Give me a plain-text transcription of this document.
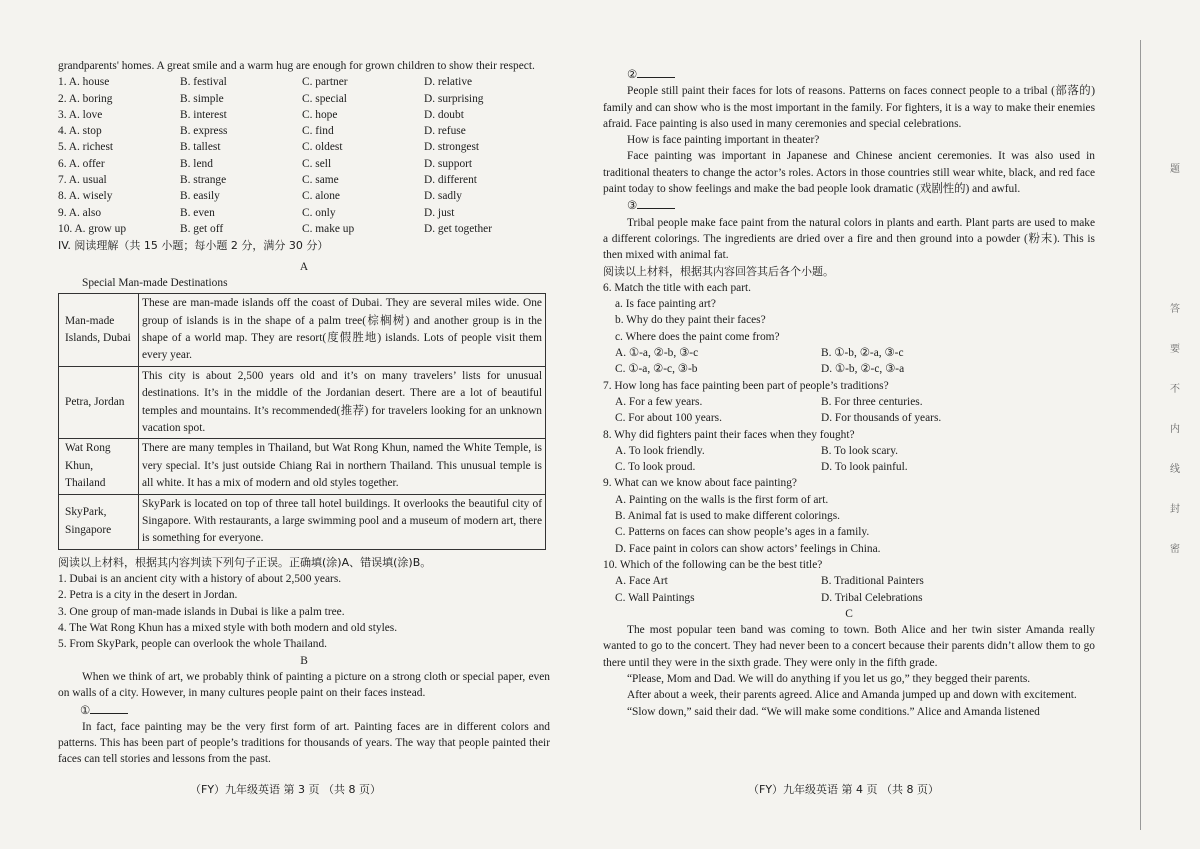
grandparents' homes. A great smile and a warm hug are enough for grown children to show their respect.

1. A. house	B. festival	C. partner	D. relative
2. A. boring	B. simple	C. special	D. surprising
3. A. love	B. interest	C. hope	D. doubt
4. A. stop	B. express	C. find	D. refuse
5. A. richest	B. tallest	C. oldest	D. strongest
6. A. offer	B. lend	C. sell	D. support
7. A. usual	B. strange	C. same	D. different
8. A. wisely	B. easily	C. alone	D. sadly
9. A. also	B. even	C. only	D. just
10. A. grow up	B. get off	C. make up	D. get together

IV. 阅读理解（共 15 小题；每小题 2 分，满分 30 分）

A

Special Man-made Destinations

Man-made Islands, Dubai	These are man-made islands off the coast of Dubai. They are several miles wide. One group of islands is in the shape of a palm tree(棕榈树) and another group is in the shape of a world map. They are resort(度假胜地) islands. Lots of people visit them every year.
Petra, Jordan	This city is about 2,500 years old and it’s on many travelers’ lists for unusual destinations. It’s in the middle of the Jordanian desert. There are a lot of beautiful temples and mountains. It’s recommended(推荐) for travelers looking for an unknown vacation spot.
Wat Rong Khun, Thailand	There are many temples in Thailand, but Wat Rong Khun, named the White Temple, is very special. It’s just outside Chiang Rai in northern Thailand. This unusual temple is all white. It has a mix of modern and old styles together.
SkyPark, Singapore	SkyPark is located on top of three tall hotel buildings. It overlooks the beautiful city of Singapore. With restaurants, a large swimming pool and a museum of modern art, there is something for everyone.

阅读以上材料，根据其内容判读下列句子正误。正确填(涂)A、错误填(涂)B。

1. Dubai is an ancient city with a history of about 2,500 years.

2. Petra is a city in the desert in Jordan.

3. One group of man-made islands in Dubai is like a palm tree.

4. The Wat Rong Khun has a mixed style with both modern and old styles.

5. From SkyPark, people can overlook the whole Thailand.

B

When we think of art, we probably think of painting a picture on a strong cloth or special paper, even on walls of a city. However, in many cultures people paint on their faces instead.

①

In fact, face painting may be the very first form of art. Painting faces are in different colors and patterns. This has been part of people’s traditions for thousands of years. The way that people painted their faces can tell stories and lessons from the past.

（FY）九年级英语 第 3 页 （共 8 页）

②

People still paint their faces for lots of reasons. Patterns on faces connect people to a tribal (部落的) family and can show who is the most important in the family. For fighters, it is a way to make their enemies afraid. Face painting is also used in many ceremonies and special celebrations.

How is face painting important in theater?

Face painting was important in Japanese and Chinese ancient ceremonies. It was also used in traditional theaters to change the actor’s roles. Actors in those countries still wear white, black, and red face paint today to show feelings and make the bad people look dramatic (戏剧性的) and awful.

③

Tribal people make face paint from the natural colors in plants and earth. Plant parts are used to make a different colorings. The ingredients are dried over a fire and then ground into a powder (粉末). This is then mixed with animal fat.

阅读以上材料，根据其内容回答其后各个小题。

6. Match the title with each part.

a. Is face painting art?

b. Why do they paint their faces?

c. Where does the paint come from?

A. ①-a, ②-b, ③-c	B. ①-b, ②-a, ③-c
C. ①-a, ②-c, ③-b	D. ①-b, ②-c, ③-a

7. How long has face painting been part of people’s traditions?

A. For a few years.	B. For three centuries.
C. For about 100 years.	D. For thousands of years.

8. Why did fighters paint their faces when they fought?

A. To look friendly.	B. To look scary.
C. To look proud.	D. To look painful.

9. What can we know about face painting?

A. Painting on the walls is the first form of art.

B. Animal fat is used to make different colorings.

C. Patterns on faces can show people’s ages in a family.

D. Face paint in colors can show actors’ feelings in China.

10. Which of the following can be the best title?

A. Face Art	B. Traditional Painters
C. Wall Paintings	D. Tribal Celebrations

C

The most popular teen band was coming to town. Both Alice and her twin sister Amanda really wanted to go to the concert. They had never been to a concert because their parents didn’t allow them to go there until they were in the sixth grade. They were only in the fifth grade.

“Please, Mom and Dad. We will do anything if you let us go,” they begged their parents.

After about a week, their parents agreed. Alice and Amanda jumped up and down with excitement.

“Slow down,” said their dad. “We will make some conditions.” Alice and Amanda listened

（FY）九年级英语 第 4 页 （共 8 页）
题
答
要
不
内
线
封
密
